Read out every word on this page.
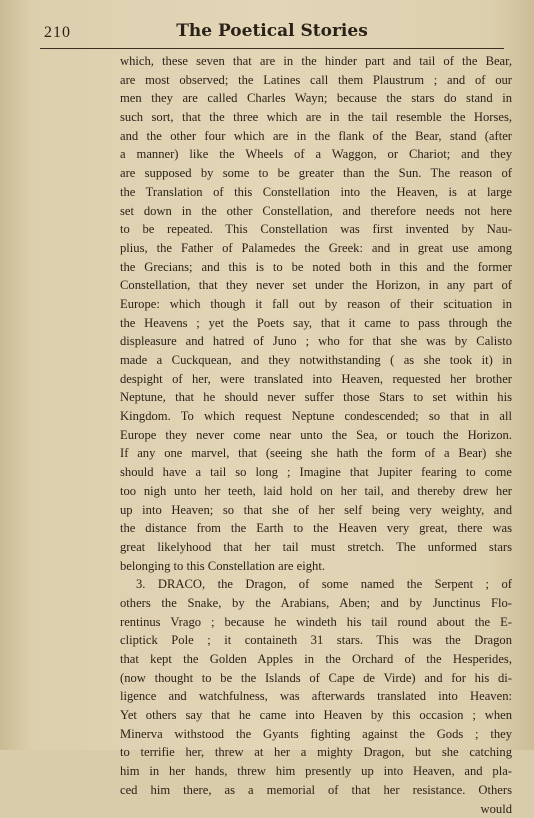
210	The Poetical Stories
which, these seven that are in the hinder part and tail of the Bear,
are most observed; the Latines call them Plaustrum ; and of our
men they are called Charles Wayn; because the stars do stand in
such sort, that the three which are in the tail resemble the Horses,
and the other four which are in the flank of the Bear, stand (after
a manner) like the Wheels of a Waggon, or Chariot; and they
are supposed by some to be greater than the Sun. The reason of
the Translation of this Constellation into the Heaven, is at large
set down in the other Constellation, and therefore needs not here
to be repeated. This Constellation was first invented by Nau-
plius, the Father of Palamedes the Greek: and in great use among
the Grecians; and this is to be noted both in this and the former
Constellation, that they never set under the Horizon, in any part of
Europe: which though it fall out by reason of their scituation in
the Heavens ; yet the Poets say, that it came to pass through the
displeasure and hatred of Juno ; who for that she was by Calisto
made a Cuckquean, and they notwithstanding ( as she took it) in
despight of her, were translated into Heaven, requested her brother
Neptune, that he should never suffer those Stars to set within his
Kingdom. To which request Neptune condescended; so that in all
Europe they never come near unto the Sea, or touch the Horizon.
If any one marvel, that (seeing she hath the form of a Bear) she
should have a tail so long ; Imagine that Jupiter fearing to come
too nigh unto her teeth, laid hold on her tail, and thereby drew her
up into Heaven; so that she of her self being very weighty, and
the distance from the Earth to the Heaven very great, there was
great likelyhood that her tail must stretch. The unformed stars
belonging to this Constellation are eight.
3. DRACO, the Dragon, of some named the Serpent ; of
others the Snake, by the Arabians, Aben; and by Junctinus Flo-
rentinus Vrago ; because he windeth his tail round about the E-
cliptick Pole ; it containeth 31 stars. This was the Dragon
that kept the Golden Apples in the Orchard of the Hesperides,
(now thought to be the Islands of Cape de Virde) and for his di-
ligence and watchfulness, was afterwards translated into Heaven:
Yet others say that he came into Heaven by this occasion ; when
Minerva withstood the Gyants fighting against the Gods ; they
to terrifie her, threw at her a mighty Dragon, but she catching
him in her hands, threw him presently up into Heaven, and pla-
ced him there, as a memorial of that her resistance. Others
would
